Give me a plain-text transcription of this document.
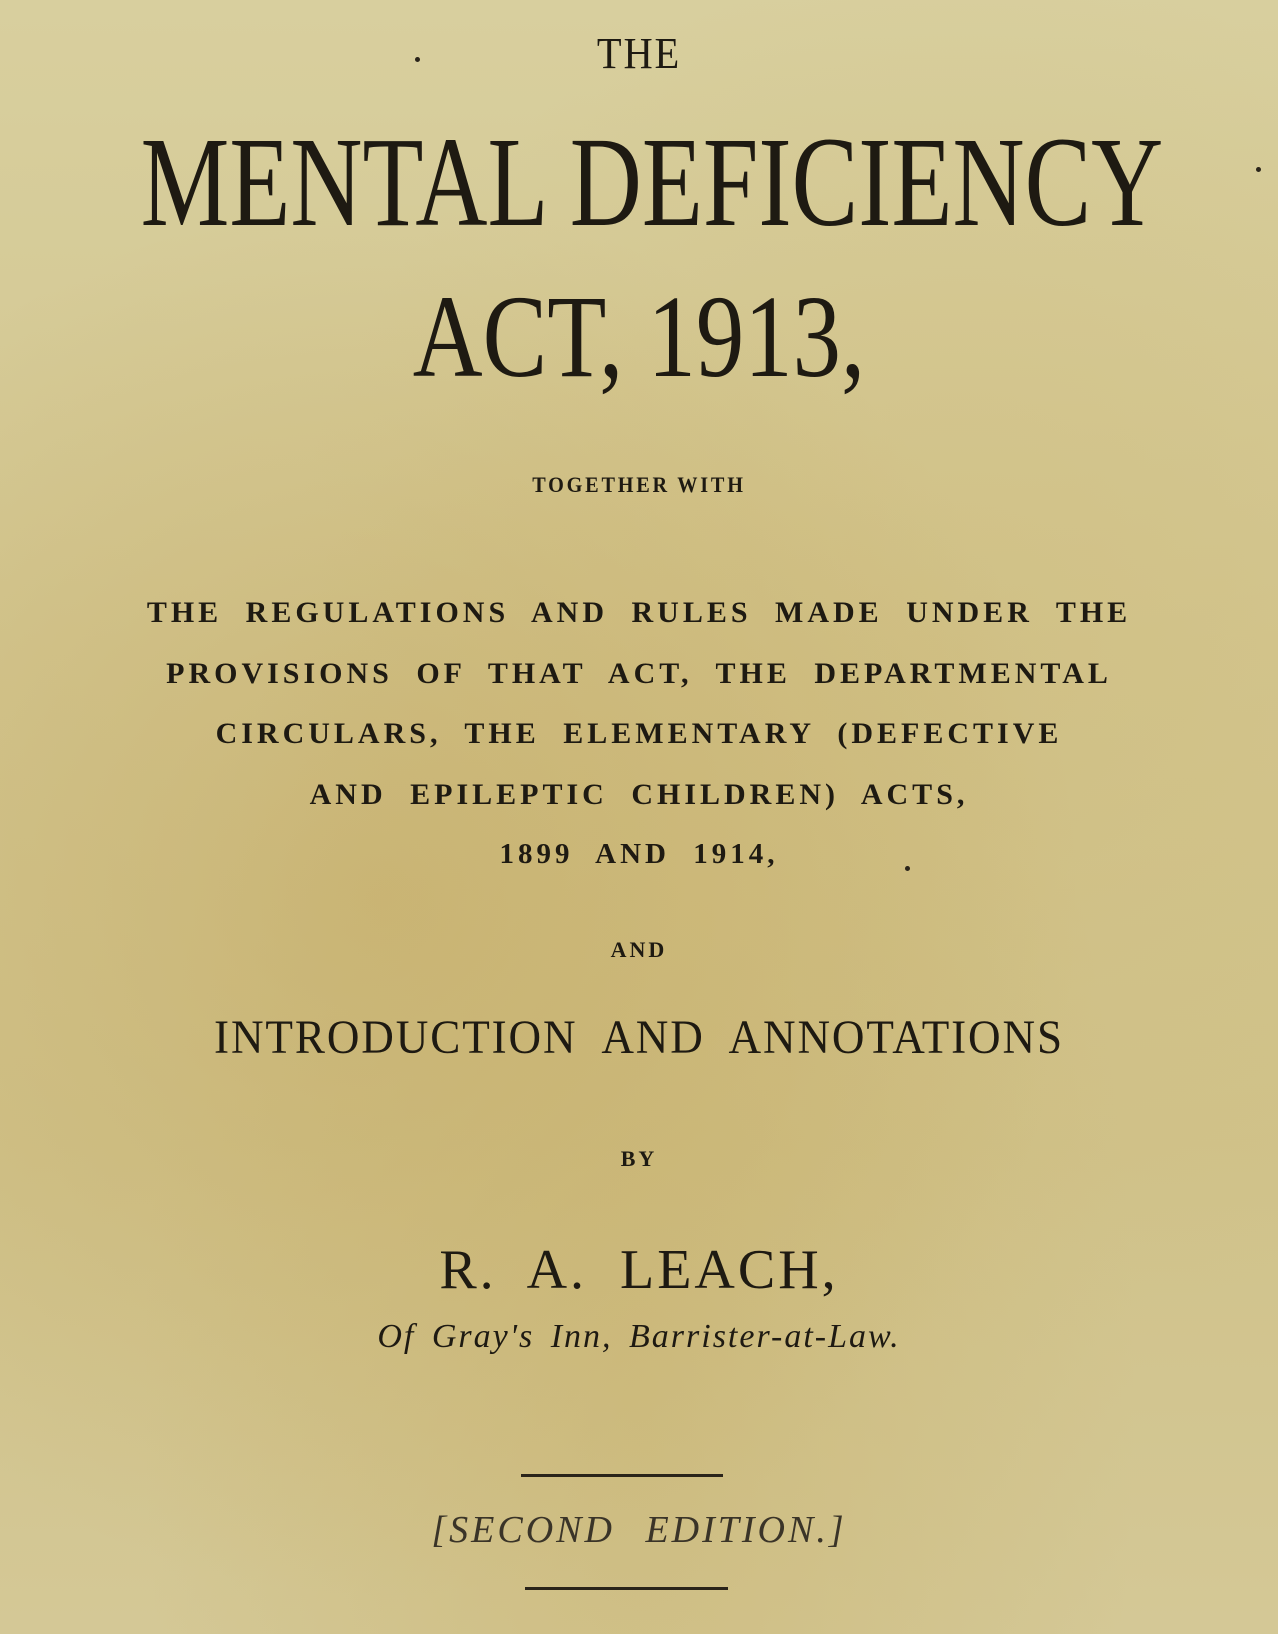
THE

MENTAL DEFICIENCY

ACT, 1913,

TOGETHER WITH

THE REGULATIONS AND RULES MADE UNDER THE

PROVISIONS OF THAT ACT, THE DEPARTMENTAL

CIRCULARS, THE ELEMENTARY (DEFECTIVE

AND EPILEPTIC CHILDREN) ACTS,

1899 AND 1914,

AND

INTRODUCTION AND ANNOTATIONS

BY

R. A. LEACH,

Of Gray's Inn, Barrister-at-Law.

[SECOND EDITION.]
